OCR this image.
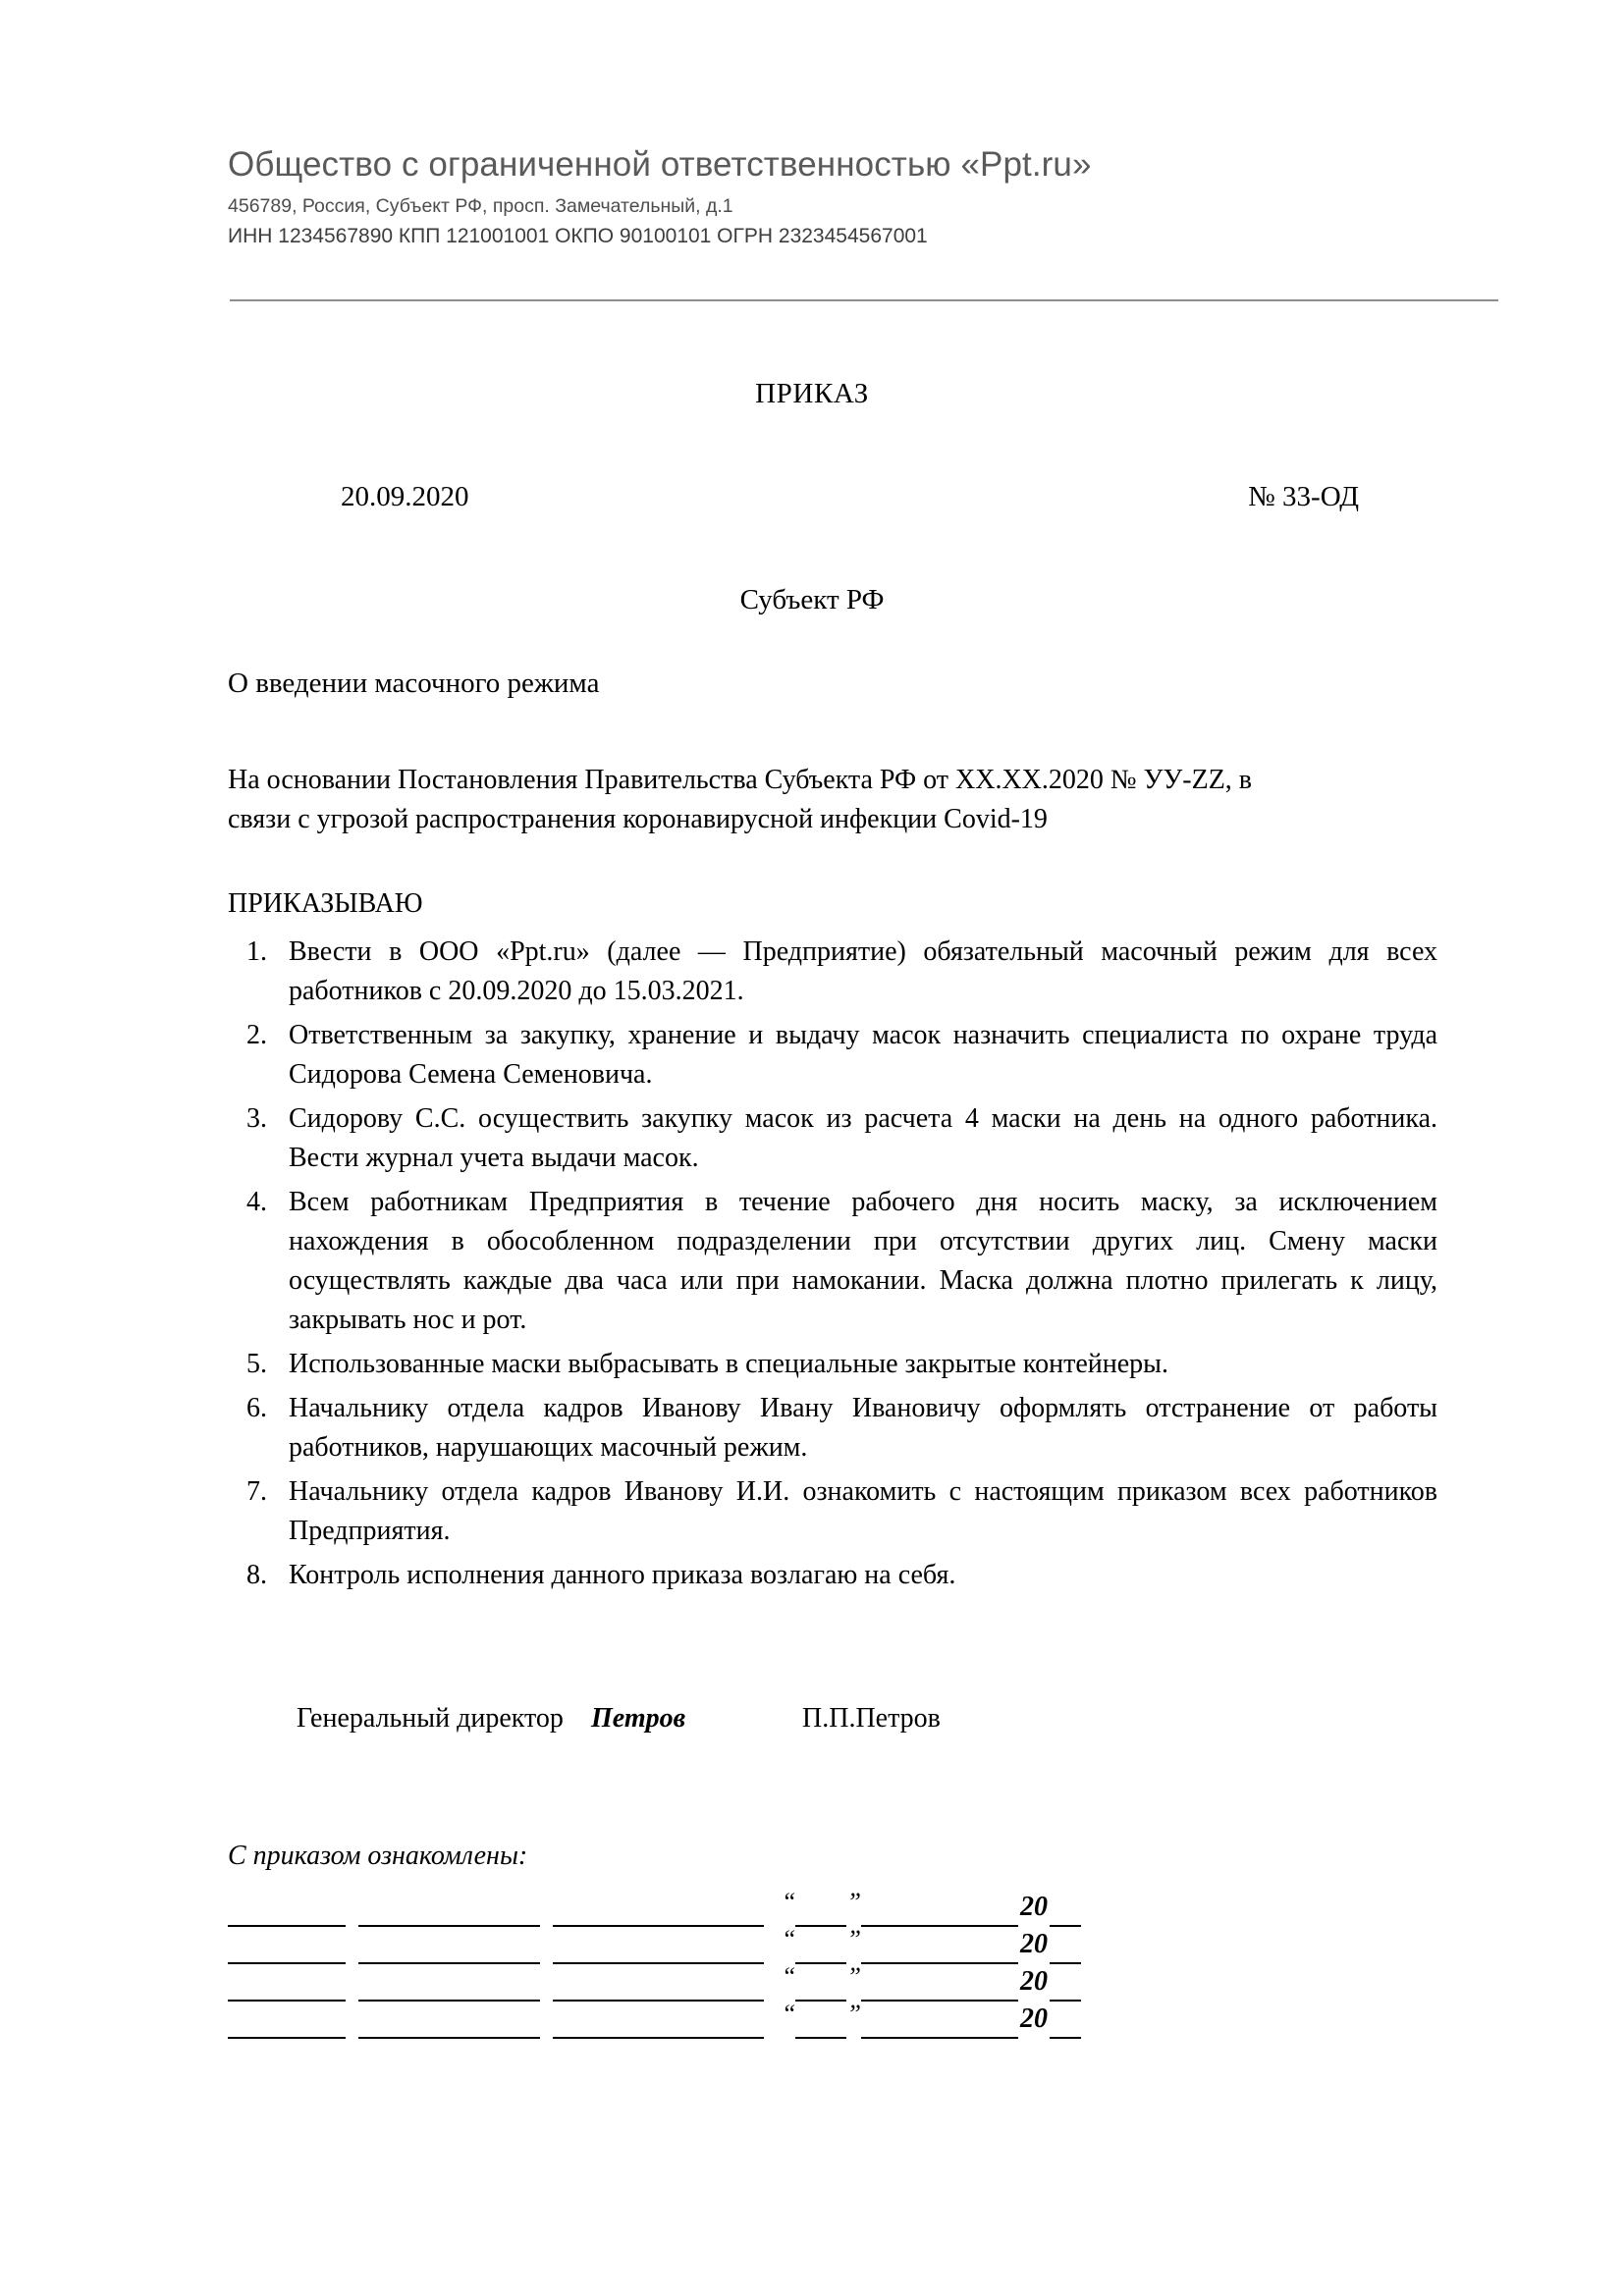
Общество с ограниченной ответственностью «Ppt.ru»
456789, Россия, Субъект РФ, просп. Замечательный, д.1
ИНН 1234567890 КПП 121001001 ОКПО 90100101 ОГРН 2323454567001
ПРИКАЗ
20.09.2020	№ 33-ОД
Субъект РФ
О введении масочного режима
На основании Постановления Правительства Субъекта РФ от ХХ.ХХ.2020 № УУ-ZZ, в
связи с угрозой распространения коронавирусной инфекции Covid-19
ПРИКАЗЫВАЮ
1. Ввести в ООО «Ppt.ru» (далее — Предприятие) обязательный масочный режим для всех работников с 20.09.2020 до 15.03.2021.
2. Ответственным за закупку, хранение и выдачу масок назначить специалиста по охране труда Сидорова Семена Семеновича.
3. Сидорову С.С. осуществить закупку масок из расчета 4 маски на день на одного работника. Вести журнал учета выдачи масок.
4. Всем работникам Предприятия в течение рабочего дня носить маску, за исключением нахождения в обособленном подразделении при отсутствии других лиц. Смену маски осуществлять каждые два часа или при намокании. Маска должна плотно прилегать к лицу, закрывать нос и рот.
5. Использованные маски выбрасывать в специальные закрытые контейнеры.
6. Начальнику отдела кадров Иванову Ивану Ивановичу оформлять отстранение от работы работников, нарушающих масочный режим.
7. Начальнику отдела кадров Иванову И.И. ознакомить с настоящим приказом всех работников Предприятия.
8. Контроль исполнения данного приказа возлагаю на себя.
Генеральный директор	Петров	П.П.Петров
С приказом ознакомлены:
“ ”	20
“ ”	20
“ ”	20
“ ”	20
